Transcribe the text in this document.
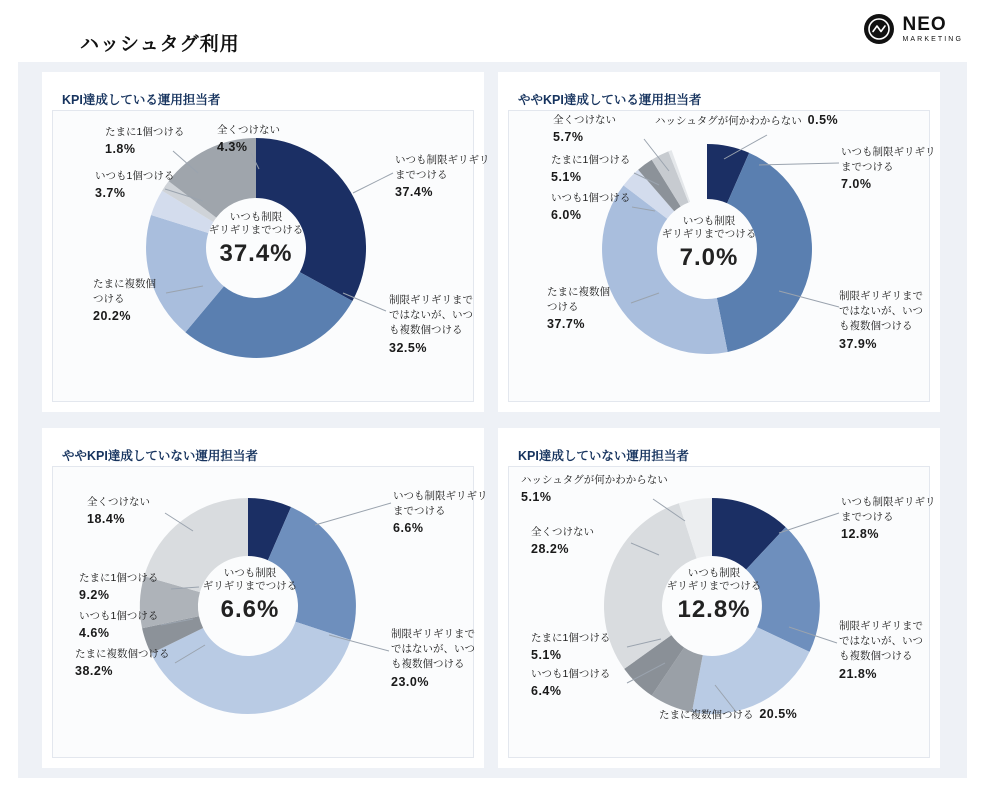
ハッシュタグ利用
NEO
MARKETING
KPI達成している運用担当者
いつも制限
ギリギリまでつける
37.4%
たまに1個つける
1.8%
全くつけない
4.3%
いつも1個つける
3.7%
たまに複数個
つける
20.2%
いつも制限ギリギリ
までつける
37.4%
制限ギリギリまで
ではないが、いつ
も複数個つける
32.5%
ややKPI達成している運用担当者
いつも制限
ギリギリまでつける
7.0%
全くつけない
5.7%
ハッシュタグが何かわからない 0.5%
たまに1個つける
5.1%
いつも1個つける
6.0%
たまに複数個
つける
37.7%
いつも制限ギリギリ
までつける
7.0%
制限ギリギリまで
ではないが、いつ
も複数個つける
37.9%
ややKPI達成していない運用担当者
いつも制限
ギリギリまでつける
6.6%
全くつけない
18.4%
たまに1個つける
9.2%
いつも1個つける
4.6%
たまに複数個つける
38.2%
いつも制限ギリギリ
までつける
6.6%
制限ギリギリまで
ではないが、いつ
も複数個つける
23.0%
KPI達成していない運用担当者
いつも制限
ギリギリまでつける
12.8%
ハッシュタグが何かわからない
5.1%
全くつけない
28.2%
たまに1個つける
5.1%
いつも1個つける
6.4%
たまに複数個つける 20.5%
いつも制限ギリギリ
までつける
12.8%
制限ギリギリまで
ではないが、いつ
も複数個つける
21.8%
